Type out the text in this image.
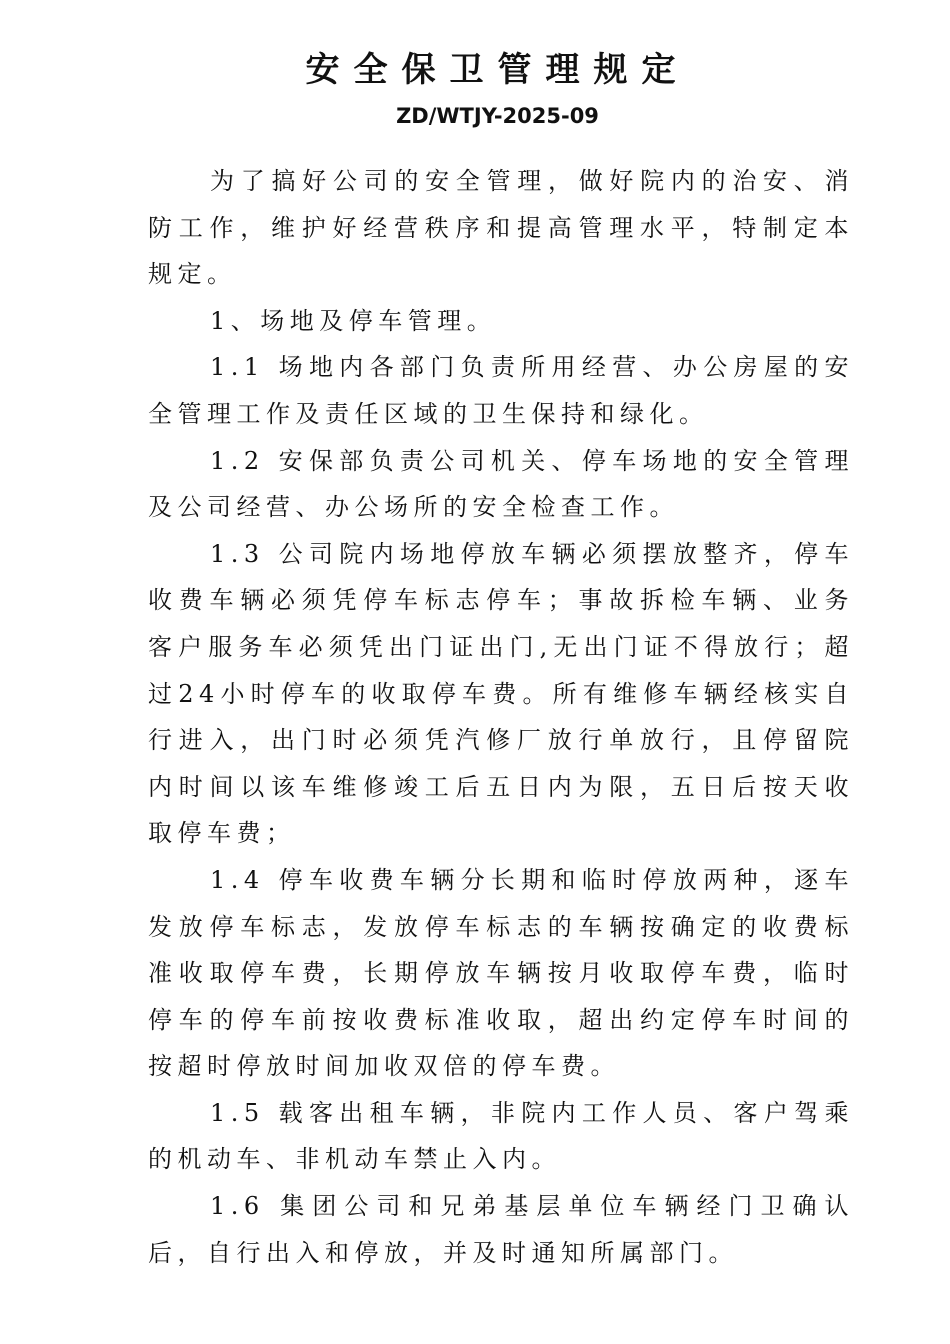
安全保卫管理规定
ZD/WTJY-2025-09

为了搞好公司的安全管理，做好院内的治安、消防工作，维护好经营秩序和提高管理水平，特制定本规定。

1、场地及停车管理。

1.1 场地内各部门负责所用经营、办公房屋的安全管理工作及责任区域的卫生保持和绿化。

1.2 安保部负责公司机关、停车场地的安全管理及公司经营、办公场所的安全检查工作。

1.3 公司院内场地停放车辆必须摆放整齐，停车收费车辆必须凭停车标志停车；事故拆检车辆、业务客户服务车必须凭出门证出门,无出门证不得放行；超过24小时停车的收取停车费。所有维修车辆经核实自行进入，出门时必须凭汽修厂放行单放行，且停留院内时间以该车维修竣工后五日内为限，五日后按天收取停车费；

1.4 停车收费车辆分长期和临时停放两种，逐车发放停车标志，发放停车标志的车辆按确定的收费标准收取停车费，长期停放车辆按月收取停车费，临时停车的停车前按收费标准收取，超出约定停车时间的按超时停放时间加收双倍的停车费。

1.5 载客出租车辆，非院内工作人员、客户驾乘的机动车、非机动车禁止入内。

1.6 集团公司和兄弟基层单位车辆经门卫确认后，自行出入和停放，并及时通知所属部门。
